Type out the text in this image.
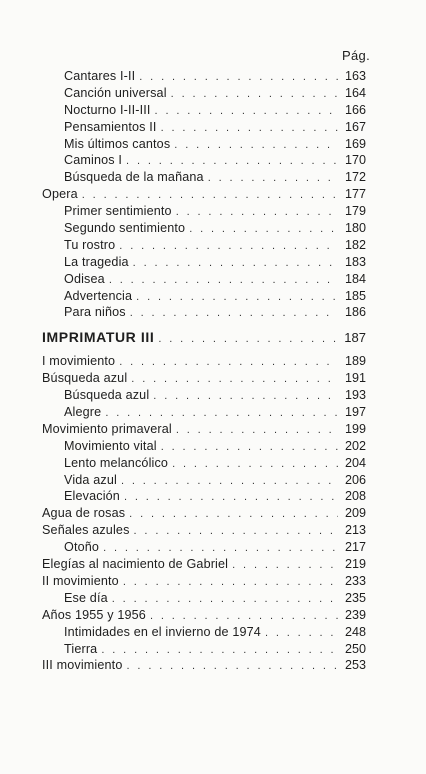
Pág.
Cantares I-II . . .	163
Canción universal . . .	164
Nocturno I-II-III . . .	166
Pensamientos II . . .	167
Mis últimos cantos . . .	169
Caminos I . . .	170
Búsqueda de la mañana . . .	172
Opera . . .	177
Primer sentimiento . . .	179
Segundo sentimiento . . .	180
Tu rostro . . .	182
La tragedia . . .	183
Odisea . . .	184
Advertencia . . .	185
Para niños . . .	186
IMPRIMATUR III . . .	187
I movimiento . . .	189
Búsqueda azul . . .	191
Búsqueda azul . . .	193
Alegre . . .	197
Movimiento primaveral . . .	199
Movimiento vital . . .	202
Lento melancólico . . .	204
Vida azul . . .	206
Elevación . . .	208
Agua de rosas . . .	209
Señales azules . . .	213
Otoño . . .	217
Elegías al nacimiento de Gabriel . . .	219
II movimiento . . .	233
Ese día . . .	235
Años 1955 y 1956 . . .	239
Intimidades en el invierno de 1974 . . .	248
Tierra . . .	250
III movimiento . . .	253
